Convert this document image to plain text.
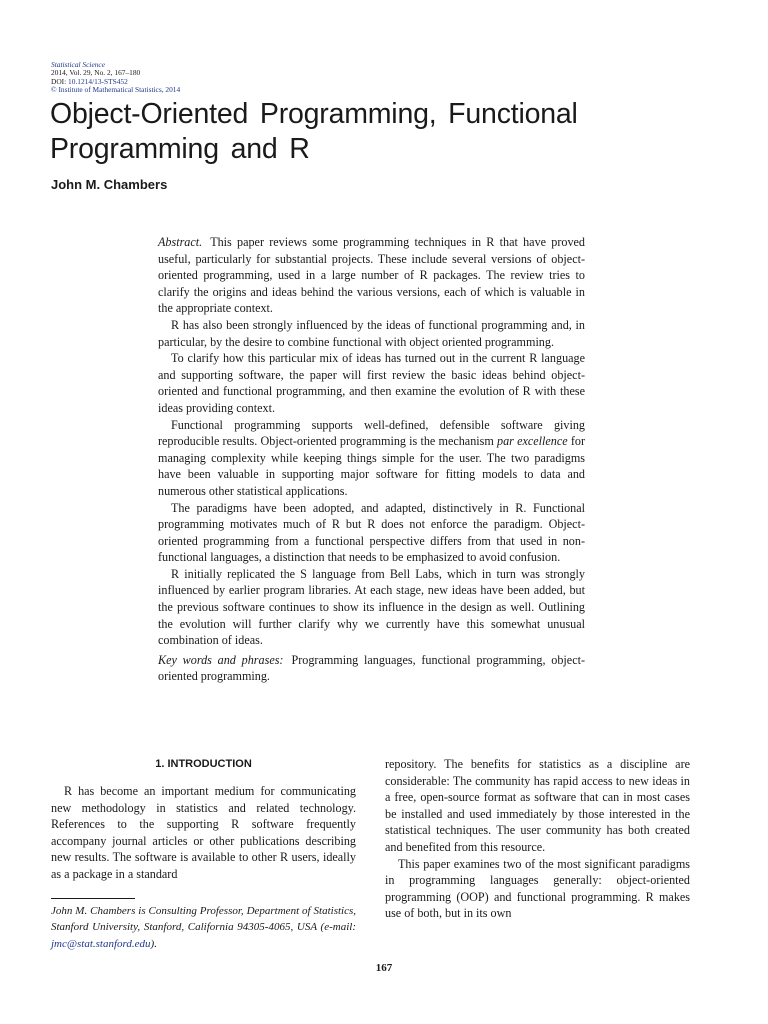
Statistical Science
2014, Vol. 29, No. 2, 167–180
DOI: 10.1214/13-STS452
© Institute of Mathematical Statistics, 2014
Object-Oriented Programming, Functional
Programming and R
John M. Chambers

Abstract. This paper reviews some programming techniques in R that have proved useful, particularly for substantial projects. These include several versions of object-oriented programming, used in a large number of R packages. The review tries to clarify the origins and ideas behind the various versions, each of which is valuable in the appropriate context.

R has also been strongly influenced by the ideas of functional programming and, in particular, by the desire to combine functional with object oriented programming.

To clarify how this particular mix of ideas has turned out in the current R language and supporting software, the paper will first review the basic ideas behind object-oriented and functional programming, and then examine the evolution of R with these ideas providing context.

Functional programming supports well-defined, defensible software giving reproducible results. Object-oriented programming is the mechanism par excellence for managing complexity while keeping things simple for the user. The two paradigms have been valuable in supporting major software for fitting models to data and numerous other statistical applications.

The paradigms have been adopted, and adapted, distinctively in R. Functional programming motivates much of R but R does not enforce the paradigm. Object-oriented programming from a functional perspective differs from that used in non-functional languages, a distinction that needs to be emphasized to avoid confusion.

R initially replicated the S language from Bell Labs, which in turn was strongly influenced by earlier program libraries. At each stage, new ideas have been added, but the previous software continues to show its influence in the design as well. Outlining the evolution will further clarify why we currently have this somewhat unusual combination of ideas.

Key words and phrases: Programming languages, functional programming, object-oriented programming.

1. INTRODUCTION

R has become an important medium for communicating new methodology in statistics and related technology. References to the supporting R software frequently accompany journal articles or other publications describing new results. The software is available to other R users, ideally as a package in a standard

repository. The benefits for statistics as a discipline are considerable: The community has rapid access to new ideas in a free, open-source format as software that can in most cases be installed and used immediately by those interested in the statistical techniques. The user community has both created and benefited from this resource.

This paper examines two of the most significant paradigms in programming languages generally: object-oriented programming (OOP) and functional programming. R makes use of both, but in its own

John M. Chambers is Consulting Professor, Department of Statistics, Stanford University, Stanford, California 94305-4065, USA (e-mail: jmc@stat.stanford.edu).
167
